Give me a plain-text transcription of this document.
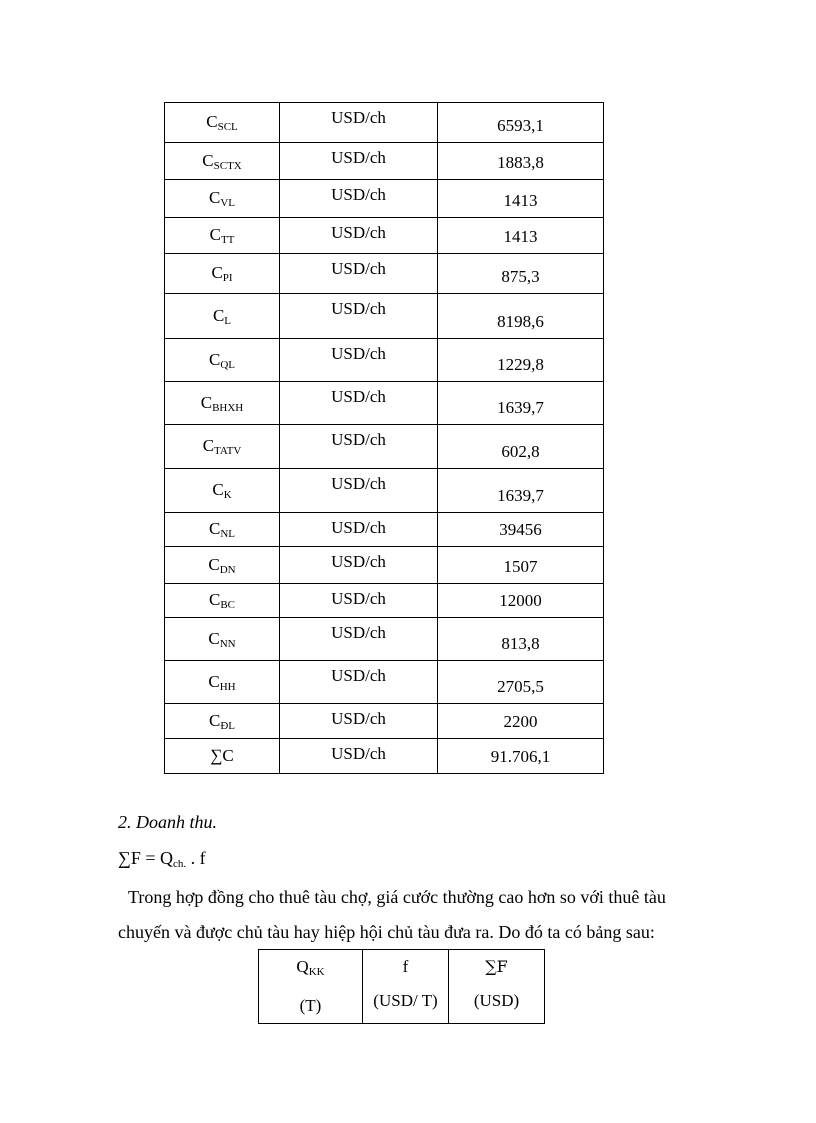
$C_{SCL}$	USD/ch	6593,1
$C_{SCTX}$	USD/ch	1883,8
$C_{VL}$	USD/ch	1413
$C_{TT}$	USD/ch	1413
$C_{PI}$	USD/ch	875,3
$C_L$	USD/ch	8198,6
$C_{QL}$	USD/ch	1229,8
$C_{BHXH}$	USD/ch	1639,7
$C_{TATV}$	USD/ch	602,8
$C_K$	USD/ch	1639,7
$C_{NL}$	USD/ch	39456
$C_{DN}$	USD/ch	1507
$C_{BC}$	USD/ch	12000
$C_{NN}$	USD/ch	813,8
$C_{HH}$	USD/ch	2705,5
$C_{ĐL}$	USD/ch	2200
∑C	USD/ch	91.706,1
2. Doanh thu.
$\sum F = Q_{ch.}$ . f
Trong hợp đồng cho thuê tàu chợ, giá cước thường cao hơn so với thuê tàu chuyến và được chủ tàu hay hiệp hội chủ tàu đưa ra. Do đó ta có bảng sau:
$Q_{KK}$
(T)

f
(USD/ T)

∑F
(USD)
